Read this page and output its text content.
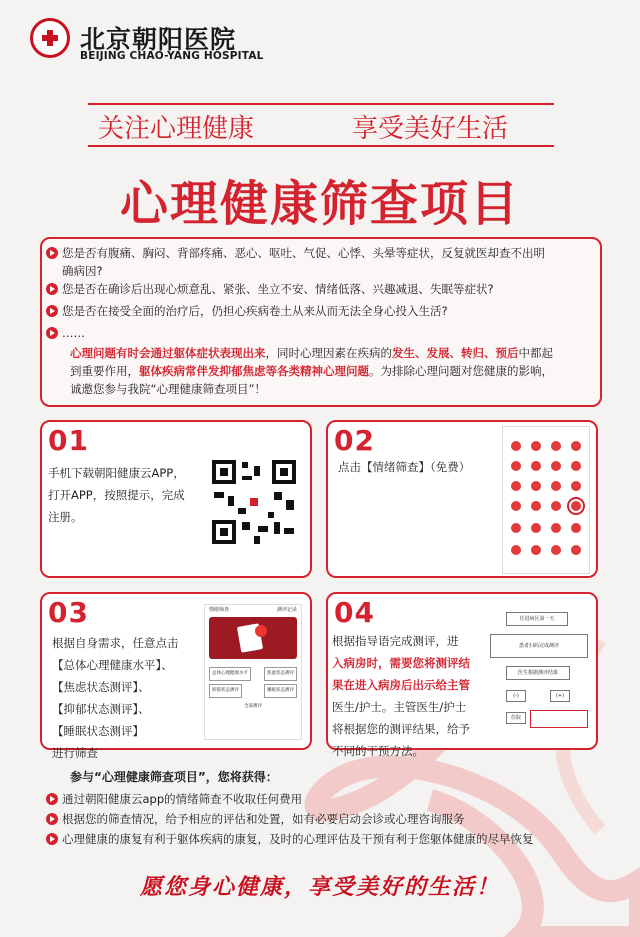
北京朝阳医院
BEIJING CHAO-YANG HOSPITAL
关注心理健康	享受美好生活
心理健康筛查项目
您是否有腹痛、胸闷、背部疼痛、恶心、呕吐、气促、心悸、头晕等症状，反复就医却查不出明
确病因?
您是否在确诊后出现心烦意乱、紧张、坐立不安、情绪低落、兴趣减退、失眠等症状?
您是否在接受全面的治疗后，仍担心疾病卷土从来从而无法全身心投入生活?
……
心理问题有时会通过躯体症状表现出来，同时心理因素在疾病的发生、发展、转归、预后中都起
到重要作用，躯体疾病常伴发抑郁焦虑等各类精神心理问题。为排除心理问题对您健康的影响，
诚邀您参与我院“心理健康筛查项目”！
01
手机下载朝阳健康云APP，
打开APP，按照提示，完成
注册。
02
点击【情绪筛查】（免费）
03
根据自身需求，任意点击
【总体心理健康水平】、
【焦虑状态测评】、
【抑郁状态测评】、
【睡眠状态测评】
进行筛查
情绪筛查	测评记录
总体心理健康水平	焦虑状态测评
抑郁状态测评	睡眠状态测评
全部测评
04
根据指导语完成测评，进
入病房时，需要您将测评结
果在进入病房后出示给主管
医生/护士。主管医生/护士
将根据您的测评结果，给予
不同的干预方法。
住进病区第一天
患者扫码完成测评
医生根据测评结果
(-)	(+)
住院
参与“心理健康筛查项目”，您将获得：
通过朝阳健康云app的情绪筛查不收取任何费用
根据您的筛查情况，给予相应的评估和处置，如有必要启动会诊或心理咨询服务
心理健康的康复有利于躯体疾病的康复，及时的心理评估及干预有利于您躯体健康的尽早恢复
愿您身心健康，享受美好的生活！
